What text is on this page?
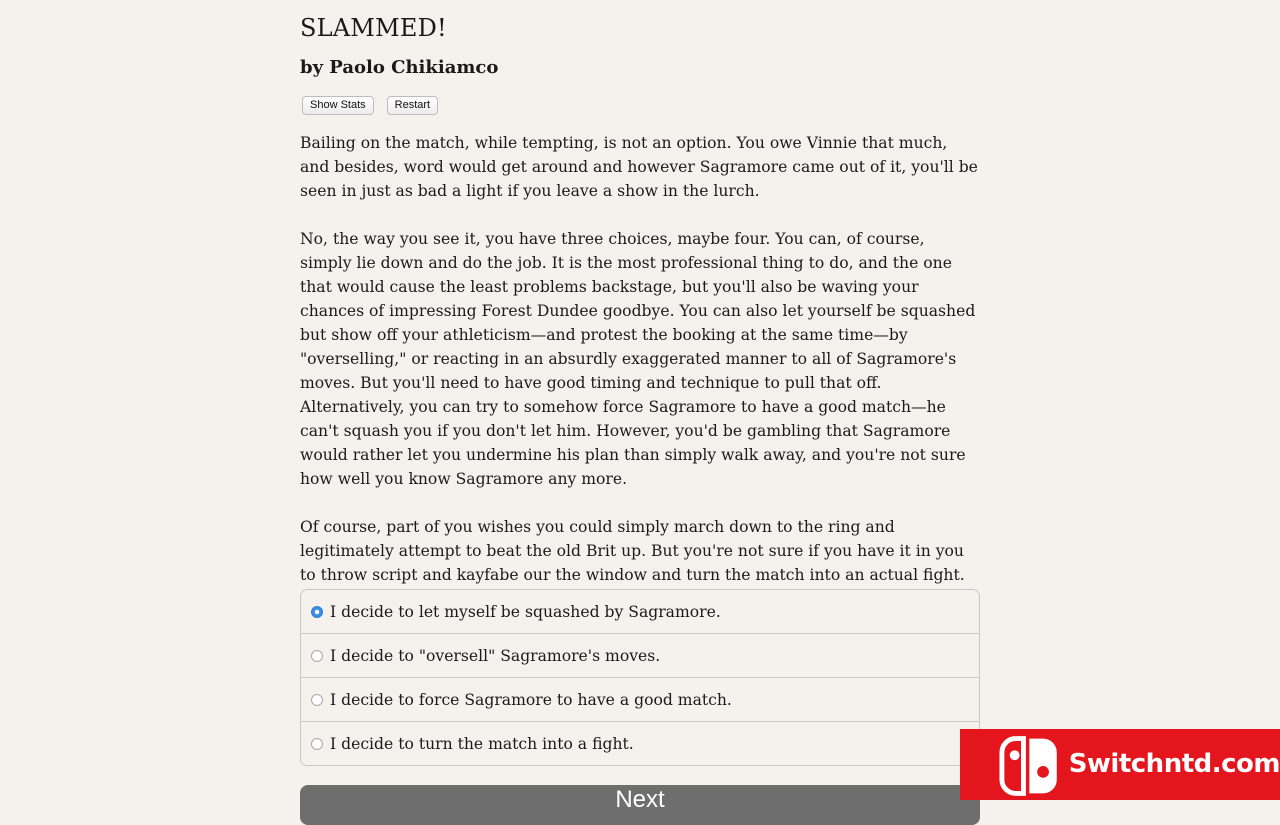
SLAMMED!
by Paolo Chikiamco
Show Stats	Restart

Bailing on the match, while tempting, is not an option. You owe Vinnie that much, and besides, word would get around and however Sagramore came out of it, you'll be seen in just as bad a light if you leave a show in the lurch.

No, the way you see it, you have three choices, maybe four. You can, of course, simply lie down and do the job. It is the most professional thing to do, and the one that would cause the least problems backstage, but you'll also be waving your chances of impressing Forest Dundee goodbye. You can also let yourself be squashed but show off your athleticism—and protest the booking at the same time—by "overselling," or reacting in an absurdly exaggerated manner to all of Sagramore's moves. But you'll need to have good timing and technique to pull that off. Alternatively, you can try to somehow force Sagramore to have a good match—he can't squash you if you don't let him. However, you'd be gambling that Sagramore would rather let you undermine his plan than simply walk away, and you're not sure how well you know Sagramore any more.

Of course, part of you wishes you could simply march down to the ring and legitimately attempt to beat the old Brit up. But you're not sure if you have it in you to throw script and kayfabe our the window and turn the match into an actual fight.

I decide to let myself be squashed by Sagramore.
I decide to "oversell" Sagramore's moves.
I decide to force Sagramore to have a good match.
I decide to turn the match into a fight.
Next
Switchntd.com
